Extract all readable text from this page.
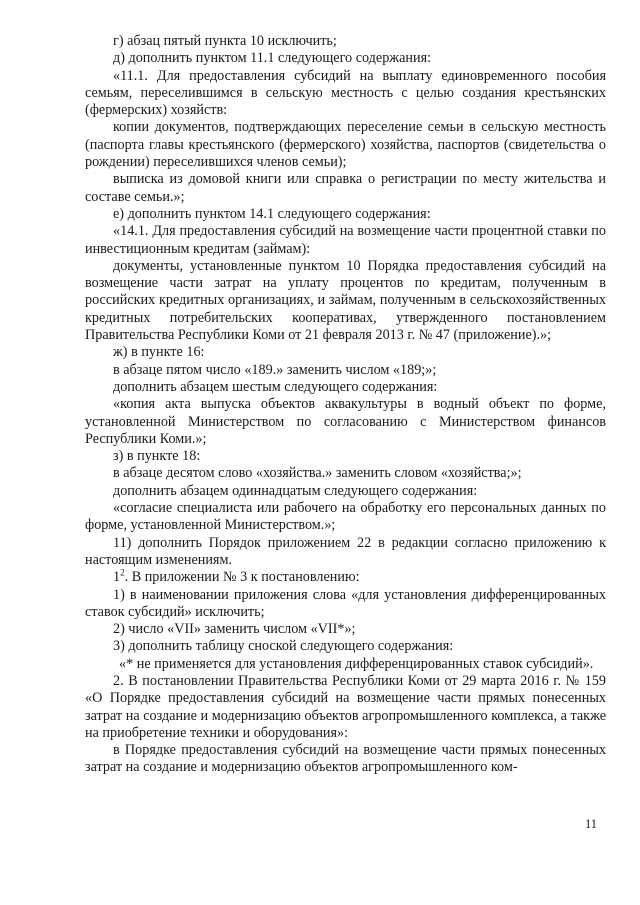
г) абзац пятый пункта 10 исключить;

д) дополнить пунктом 11.1 следующего содержания:

«11.1. Для предоставления субсидий на выплату единовременного пособия семьям, переселившимся в сельскую местность с целью создания крестьянских (фермерских) хозяйств:

копии документов, подтверждающих переселение семьи в сельскую местность (паспорта главы крестьянского (фермерского) хозяйства, паспортов (свидетельства о рождении) переселившихся членов семьи);

выписка из домовой книги или справка о регистрации по месту жительства и составе семьи.»;

е) дополнить пунктом 14.1 следующего содержания:

«14.1. Для предоставления субсидий на возмещение части процентной ставки по инвестиционным кредитам (займам):

документы, установленные пунктом 10 Порядка предоставления субсидий на возмещение части затрат на уплату процентов по кредитам, полученным в российских кредитных организациях, и займам, полученным в сельскохозяйственных кредитных потребительских кооперативах, утвержденного постановлением Правительства Республики Коми от 21 февраля 2013 г. № 47 (приложение).»;

ж) в пункте 16:

в абзаце пятом число «189.» заменить числом «189;»;

дополнить абзацем шестым следующего содержания:

«копия акта выпуска объектов аквакультуры в водный объект по форме, установленной Министерством по согласованию с Министерством финансов Республики Коми.»;

з) в пункте 18:

в абзаце десятом слово «хозяйства.» заменить словом «хозяйства;»;

дополнить абзацем одиннадцатым следующего содержания:

«согласие специалиста или рабочего на обработку его персональных данных по форме, установленной Министерством.»;

11) дополнить Порядок приложением 22 в редакции согласно приложению к настоящим изменениям.

$1^2$. В приложении № 3 к постановлению:

1) в наименовании приложения слова «для установления дифференцированных ставок субсидий» исключить;

2) число «VII» заменить числом «VII*»;

3) дополнить таблицу сноской следующего содержания:

«* не применяется для установления дифференцированных ставок субсидий».

2. В постановлении Правительства Республики Коми от 29 марта 2016 г. № 159 «О Порядке предоставления субсидий на возмещение части прямых понесенных затрат на создание и модернизацию объектов агропромышленного комплекса, а также на приобретение техники и оборудования»:

в Порядке предоставления субсидий на возмещение части прямых понесенных затрат на создание и модернизацию объектов агропромышленного ком-

11
